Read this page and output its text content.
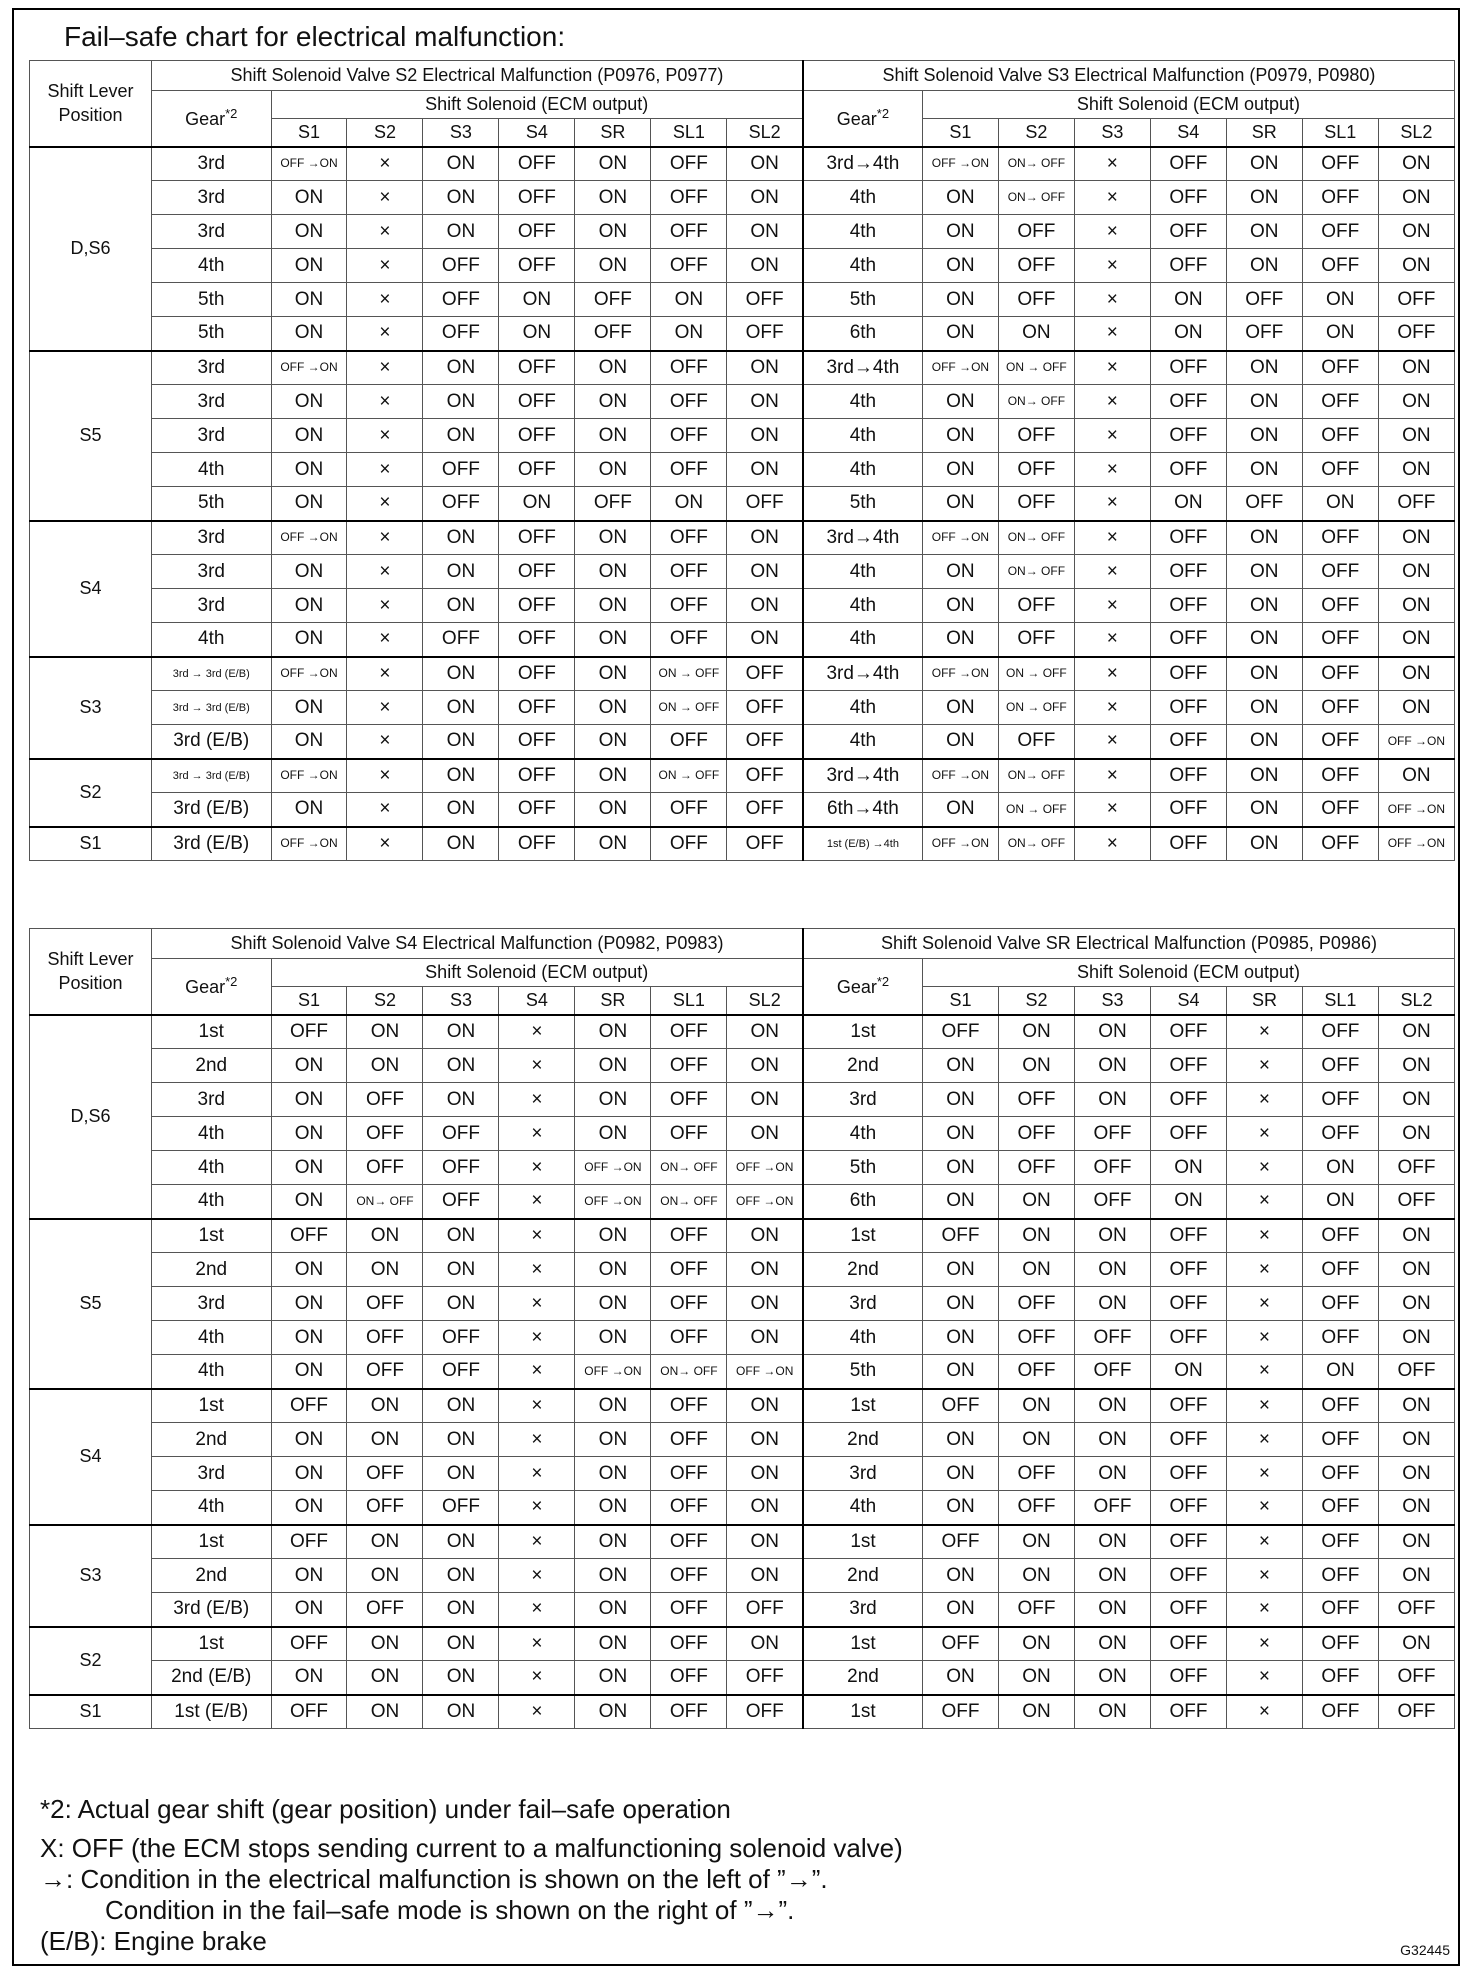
Fail–safe chart for electrical malfunction:
Shift Lever Position	Shift Solenoid Valve S2 Electrical Malfunction (P0976, P0977)								Shift Solenoid Valve S3 Electrical Malfunction (P0979, P0980)							
	Gear$^{*2}$	Shift Solenoid (ECM output)							Gear$^{*2}$	Shift Solenoid (ECM output)						
		S1	S2	S3	S4	SR	SL1	SL2		S1	S2	S3	S4	SR	SL1	SL2
D,S6	3rd	OFF →ON	×	ON	OFF	ON	OFF	ON	3rd→4th	OFF →ON	ON→ OFF	×	OFF	ON	OFF	ON
	3rd	ON	×	ON	OFF	ON	OFF	ON	4th	ON	ON→ OFF	×	OFF	ON	OFF	ON
	3rd	ON	×	ON	OFF	ON	OFF	ON	4th	ON	OFF	×	OFF	ON	OFF	ON
	4th	ON	×	OFF	OFF	ON	OFF	ON	4th	ON	OFF	×	OFF	ON	OFF	ON
	5th	ON	×	OFF	ON	OFF	ON	OFF	5th	ON	OFF	×	ON	OFF	ON	OFF
	5th	ON	×	OFF	ON	OFF	ON	OFF	6th	ON	ON	×	ON	OFF	ON	OFF
S5	3rd	OFF →ON	×	ON	OFF	ON	OFF	ON	3rd→4th	OFF →ON	ON → OFF	×	OFF	ON	OFF	ON
	3rd	ON	×	ON	OFF	ON	OFF	ON	4th	ON	ON→ OFF	×	OFF	ON	OFF	ON
	3rd	ON	×	ON	OFF	ON	OFF	ON	4th	ON	OFF	×	OFF	ON	OFF	ON
	4th	ON	×	OFF	OFF	ON	OFF	ON	4th	ON	OFF	×	OFF	ON	OFF	ON
	5th	ON	×	OFF	ON	OFF	ON	OFF	5th	ON	OFF	×	ON	OFF	ON	OFF
S4	3rd	OFF →ON	×	ON	OFF	ON	OFF	ON	3rd→4th	OFF →ON	ON→ OFF	×	OFF	ON	OFF	ON
	3rd	ON	×	ON	OFF	ON	OFF	ON	4th	ON	ON→ OFF	×	OFF	ON	OFF	ON
	3rd	ON	×	ON	OFF	ON	OFF	ON	4th	ON	OFF	×	OFF	ON	OFF	ON
	4th	ON	×	OFF	OFF	ON	OFF	ON	4th	ON	OFF	×	OFF	ON	OFF	ON
S3	3rd → 3rd (E/B)	OFF →ON	×	ON	OFF	ON	ON → OFF	OFF	3rd→4th	OFF →ON	ON → OFF	×	OFF	ON	OFF	ON
	3rd → 3rd (E/B)	ON	×	ON	OFF	ON	ON → OFF	OFF	4th	ON	ON → OFF	×	OFF	ON	OFF	ON
	3rd (E/B)	ON	×	ON	OFF	ON	OFF	OFF	4th	ON	OFF	×	OFF	ON	OFF	OFF →ON
S2	3rd → 3rd (E/B)	OFF →ON	×	ON	OFF	ON	ON → OFF	OFF	3rd→4th	OFF →ON	ON→ OFF	×	OFF	ON	OFF	ON
	3rd (E/B)	ON	×	ON	OFF	ON	OFF	OFF	6th→4th	ON	ON → OFF	×	OFF	ON	OFF	OFF →ON
S1	3rd (E/B)	OFF →ON	×	ON	OFF	ON	OFF	OFF	1st (E/B) →4th	OFF →ON	ON→ OFF	×	OFF	ON	OFF	OFF →ON
Shift Lever Position	Shift Solenoid Valve S4 Electrical Malfunction (P0982, P0983)								Shift Solenoid Valve SR Electrical Malfunction (P0985, P0986)							
	Gear$^{*2}$	Shift Solenoid (ECM output)							Gear$^{*2}$	Shift Solenoid (ECM output)						
		S1	S2	S3	S4	SR	SL1	SL2		S1	S2	S3	S4	SR	SL1	SL2
D,S6	1st	OFF	ON	ON	×	ON	OFF	ON	1st	OFF	ON	ON	OFF	×	OFF	ON
	2nd	ON	ON	ON	×	ON	OFF	ON	2nd	ON	ON	ON	OFF	×	OFF	ON
	3rd	ON	OFF	ON	×	ON	OFF	ON	3rd	ON	OFF	ON	OFF	×	OFF	ON
	4th	ON	OFF	OFF	×	ON	OFF	ON	4th	ON	OFF	OFF	OFF	×	OFF	ON
	4th	ON	OFF	OFF	×	OFF →ON	ON→ OFF	OFF →ON	5th	ON	OFF	OFF	ON	×	ON	OFF
	4th	ON	ON→ OFF	OFF	×	OFF →ON	ON→ OFF	OFF →ON	6th	ON	ON	OFF	ON	×	ON	OFF
S5	1st	OFF	ON	ON	×	ON	OFF	ON	1st	OFF	ON	ON	OFF	×	OFF	ON
	2nd	ON	ON	ON	×	ON	OFF	ON	2nd	ON	ON	ON	OFF	×	OFF	ON
	3rd	ON	OFF	ON	×	ON	OFF	ON	3rd	ON	OFF	ON	OFF	×	OFF	ON
	4th	ON	OFF	OFF	×	ON	OFF	ON	4th	ON	OFF	OFF	OFF	×	OFF	ON
	4th	ON	OFF	OFF	×	OFF →ON	ON→ OFF	OFF →ON	5th	ON	OFF	OFF	ON	×	ON	OFF
S4	1st	OFF	ON	ON	×	ON	OFF	ON	1st	OFF	ON	ON	OFF	×	OFF	ON
	2nd	ON	ON	ON	×	ON	OFF	ON	2nd	ON	ON	ON	OFF	×	OFF	ON
	3rd	ON	OFF	ON	×	ON	OFF	ON	3rd	ON	OFF	ON	OFF	×	OFF	ON
	4th	ON	OFF	OFF	×	ON	OFF	ON	4th	ON	OFF	OFF	OFF	×	OFF	ON
S3	1st	OFF	ON	ON	×	ON	OFF	ON	1st	OFF	ON	ON	OFF	×	OFF	ON
	2nd	ON	ON	ON	×	ON	OFF	ON	2nd	ON	ON	ON	OFF	×	OFF	ON
	3rd (E/B)	ON	OFF	ON	×	ON	OFF	OFF	3rd	ON	OFF	ON	OFF	×	OFF	OFF
S2	1st	OFF	ON	ON	×	ON	OFF	ON	1st	OFF	ON	ON	OFF	×	OFF	ON
	2nd (E/B)	ON	ON	ON	×	ON	OFF	OFF	2nd	ON	ON	ON	OFF	×	OFF	OFF
S1	1st (E/B)	OFF	ON	ON	×	ON	OFF	OFF	1st	OFF	ON	ON	OFF	×	OFF	OFF
*2: Actual gear shift (gear position) under fail–safe operation
X: OFF (the ECM stops sending current to a malfunctioning solenoid valve)
→: Condition in the electrical malfunction is shown on the left of ”→”.
Condition in the fail–safe mode is shown on the right of ”→”.
(E/B): Engine brake	G32445
